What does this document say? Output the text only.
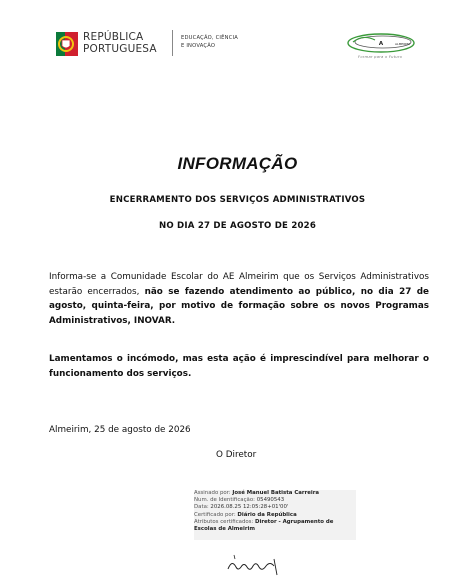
REPÚBLICA
PORTUGUESA
EDUCAÇÃO, CIÊNCIA
E INOVAÇÃO	A	ALMEIRIM
Formar para o Futuro
INFORMAÇÃO
ENCERRAMENTO DOS SERVIÇOS ADMINISTRATIVOS
NO DIA 27 DE AGOSTO DE 2026
Informa-se a Comunidade Escolar do AE Almeirim que os Serviços Administrativos estarão encerrados, não se fazendo atendimento ao público, no dia 27 de agosto, quinta-feira, por motivo de formação sobre os novos Programas Administrativos, INOVAR.
Lamentamos o incómodo, mas esta ação é imprescindível para melhorar o funcionamento dos serviços.
Almeirim, 25 de agosto de 2026
O Diretor
Assinado por: José Manuel Batista Carreira
Num. de Identificação: 05490543
Data: 2026.08.25 12:05:28+01'00'
Certificado por: Diário da República
Atributos certificados: Diretor - Agrupamento de Escolas de Almeirim
